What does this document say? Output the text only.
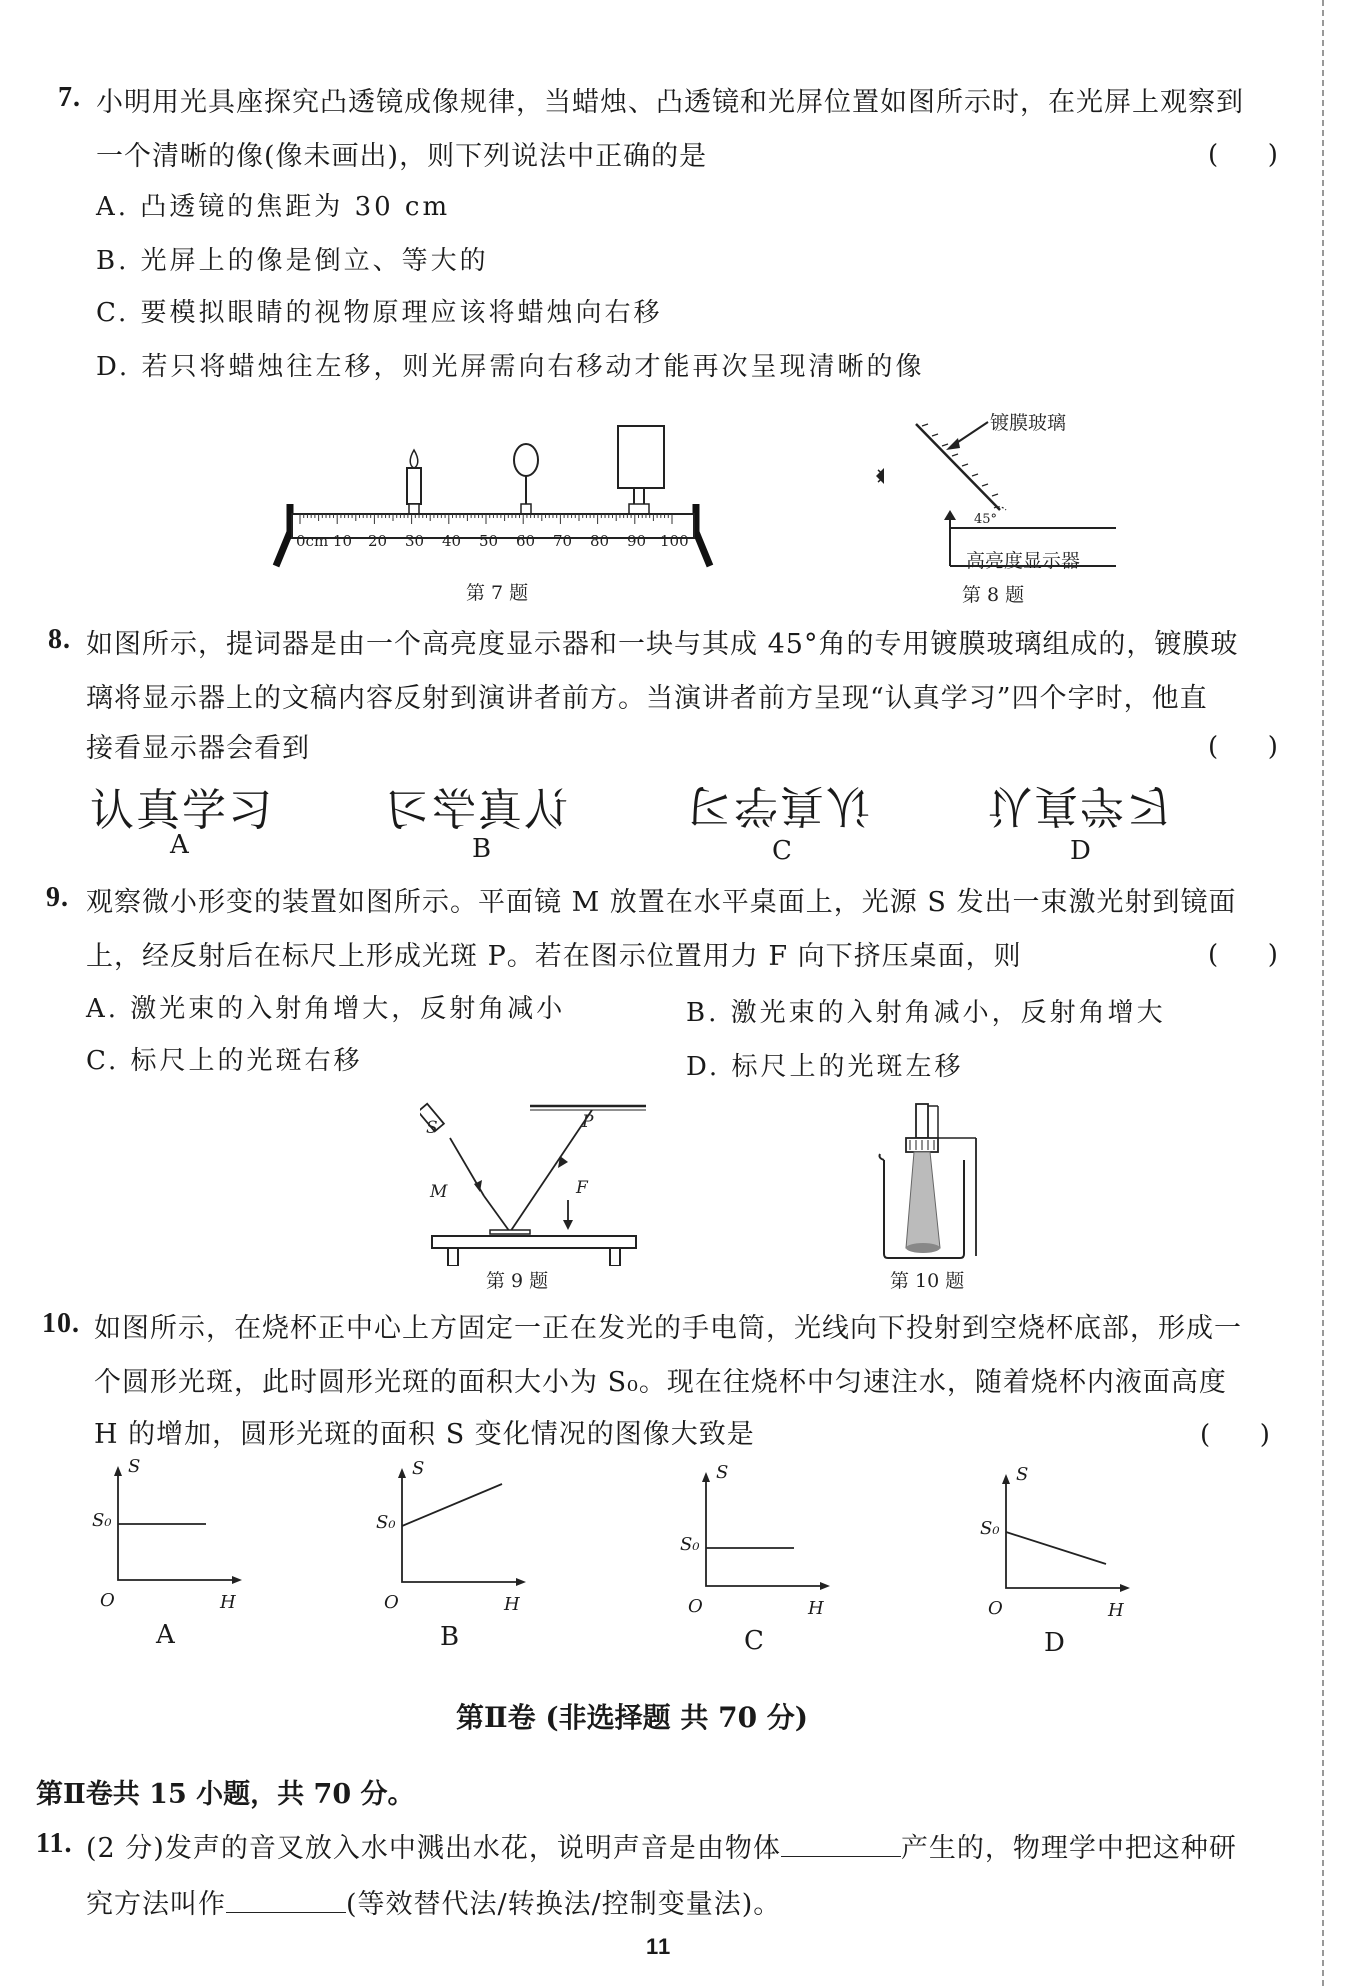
7. 小明用光具座探究凸透镜成像规律，当蜡烛、凸透镜和光屏位置如图所示时，在光屏上观察到
一个清晰的像(像未画出)，则下列说法中正确的是	(      )
A. 凸透镜的焦距为 30 cm
B. 光屏上的像是倒立、等大的
C. 要模拟眼睛的视物原理应该将蜡烛向右移
D. 若只将蜡烛往左移，则光屏需向右移动才能再次呈现清晰的像
0cm 10 20 30 40 50 60 70 80 90 100
第 7 题
镀膜玻璃
45°
高亮度显示器
第 8 题
8. 如图所示，提词器是由一个高亮度显示器和一块与其成 45°角的专用镀膜玻璃组成的，镀膜玻
璃将显示器上的文稿内容反射到演讲者前方。当演讲者前方呈现“认真学习”四个字时，他直
接看显示器会看到	(      )
认真学习	认真学习	认真学习	认真学习
A	B	C	D
9. 观察微小形变的装置如图所示。平面镜 M 放置在水平桌面上，光源 S 发出一束激光射到镜面
上，经反射后在标尺上形成光斑 P。若在图示位置用力 F 向下挤压桌面，则	(      )
A. 激光束的入射角增大，反射角减小	B. 激光束的入射角减小，反射角增大
C. 标尺上的光斑右移	D. 标尺上的光斑左移
S	P
M	F
第 9 题	第 10 题
10. 如图所示，在烧杯正中心上方固定一正在发光的手电筒，光线向下投射到空烧杯底部，形成一
个圆形光斑，此时圆形光斑的面积大小为 S₀。现在往烧杯中匀速注水，随着烧杯内液面高度
H 的增加，圆形光斑的面积 S 变化情况的图像大致是	(      )
S
S₀
O	H
A
S
S₀
O	H
B
S
S₀
O	H
C
S
S₀
O	H
D
第Ⅱ卷 (非选择题 共 70 分)
第Ⅱ卷共 15 小题，共 70 分。
11. (2 分)发声的音叉放入水中溅出水花，说明声音是由物体	产生的，物理学中把这种研
究方法叫作	(等效替代法/转换法/控制变量法)。
11
